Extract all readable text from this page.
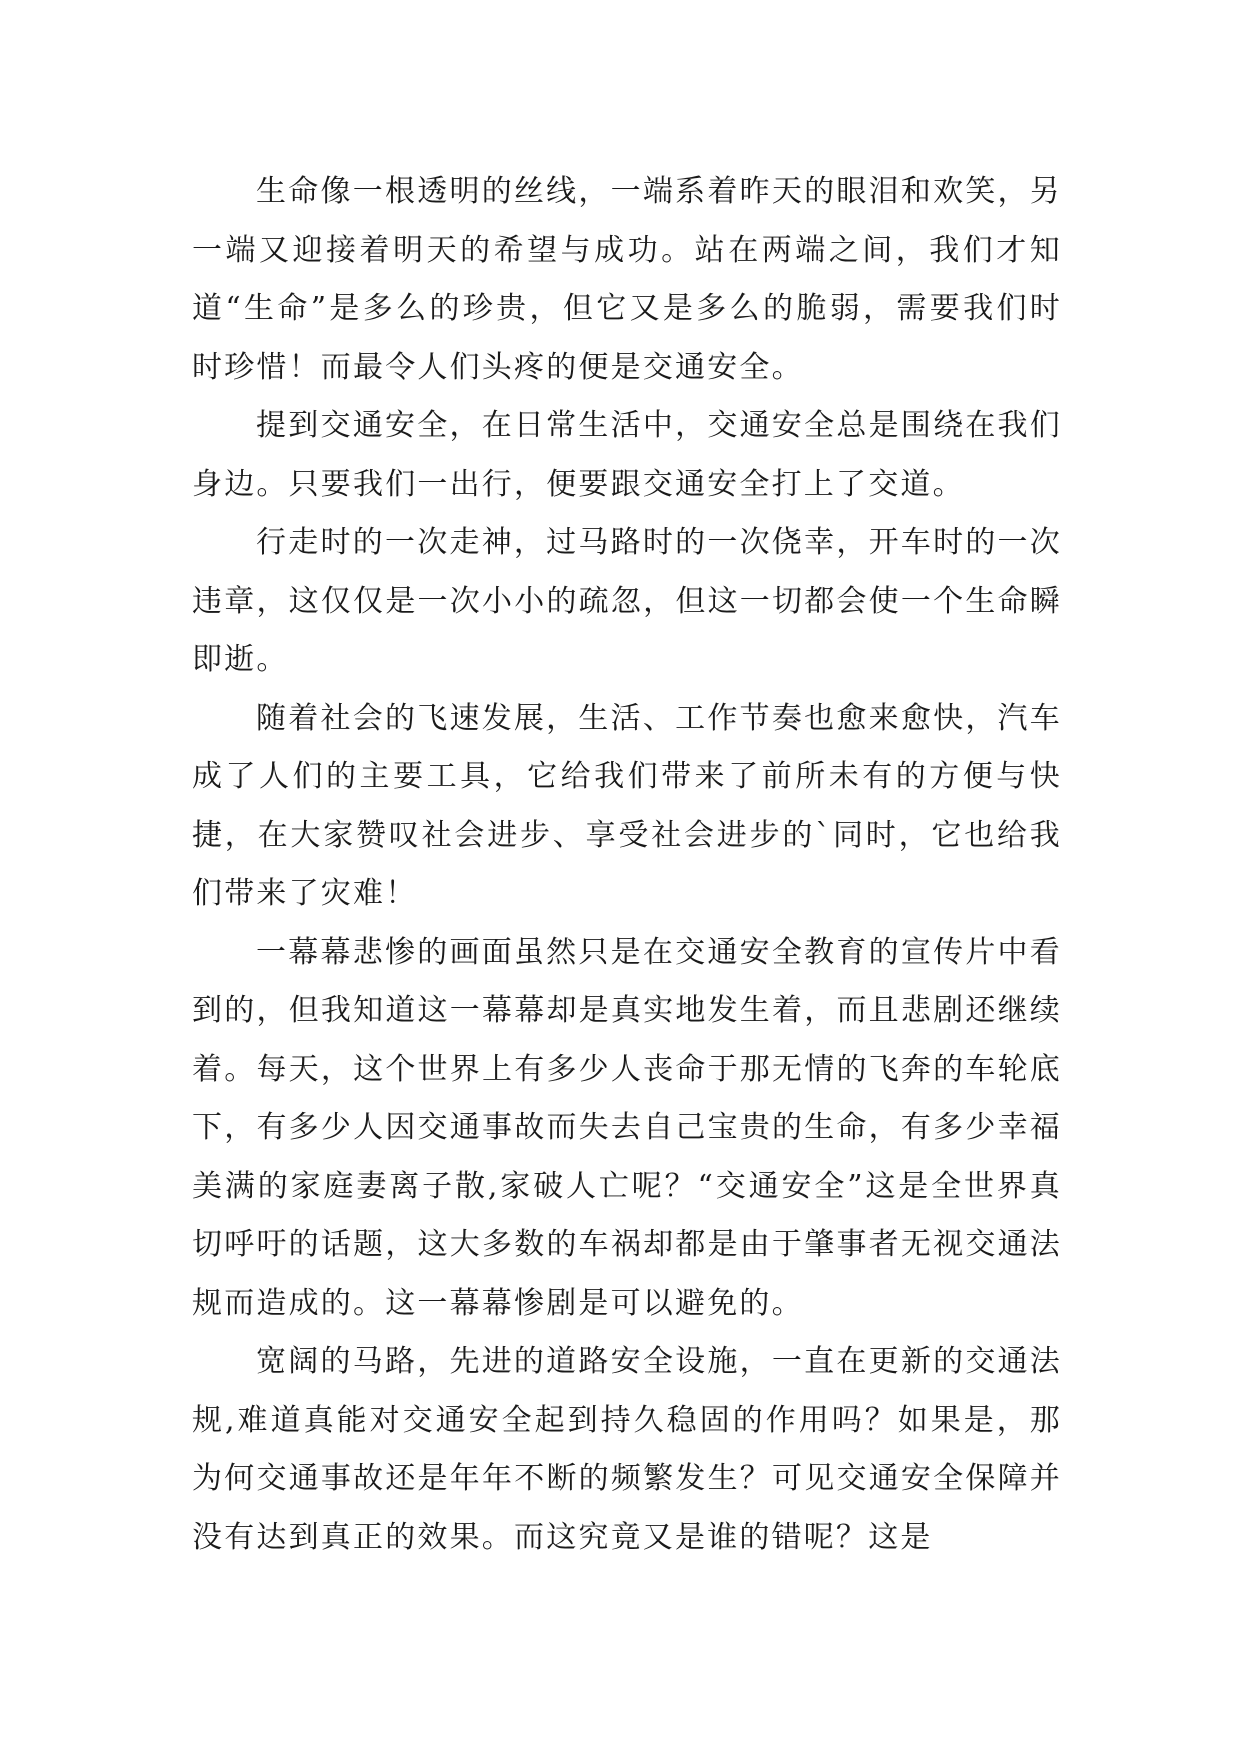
生命像一根透明的丝线，一端系着昨天的眼泪和欢笑，另一端又迎接着明天的希望与成功。站在两端之间，我们才知道“生命”是多么的珍贵，但它又是多么的脆弱，需要我们时时珍惜！而最令人们头疼的便是交通安全。

提到交通安全，在日常生活中，交通安全总是围绕在我们身边。只要我们一出行，便要跟交通安全打上了交道。

行走时的一次走神，过马路时的一次侥幸，开车时的一次违章，这仅仅是一次小小的疏忽，但这一切都会使一个生命瞬即逝。

随着社会的飞速发展，生活、工作节奏也愈来愈快，汽车成了人们的主要工具，它给我们带来了前所未有的方便与快捷，在大家赞叹社会进步、享受社会进步的`同时，它也给我们带来了灾难！

一幕幕悲惨的画面虽然只是在交通安全教育的宣传片中看到的，但我知道这一幕幕却是真实地发生着，而且悲剧还继续着。每天，这个世界上有多少人丧命于那无情的飞奔的车轮底下，有多少人因交通事故而失去自己宝贵的生命，有多少幸福美满的家庭妻离子散,家破人亡呢？“交通安全”这是全世界真切呼吁的话题，这大多数的车祸却都是由于肇事者无视交通法规而造成的。这一幕幕惨剧是可以避免的。

宽阔的马路，先进的道路安全设施，一直在更新的交通法规,难道真能对交通安全起到持久稳固的作用吗？如果是，那为何交通事故还是年年不断的频繁发生？可见交通安全保障并没有达到真正的效果。而这究竟又是谁的错呢？这是
